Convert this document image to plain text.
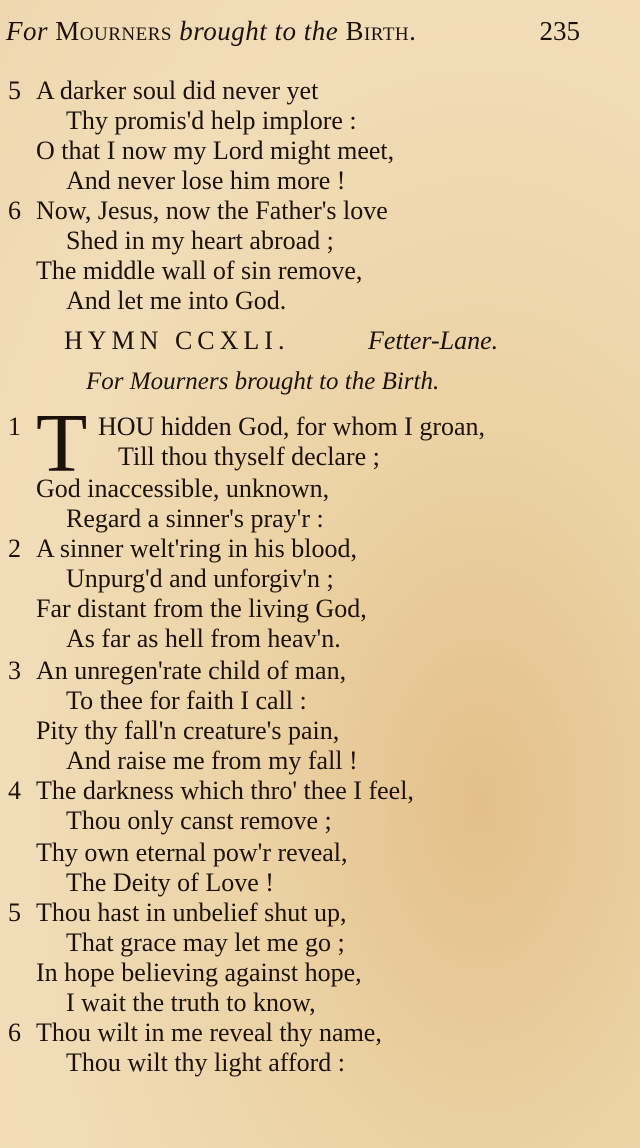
For Mourners brought to the Birth.	235
5 A darker soul did never yet
Thy promis'd help implore :
O that I now my Lord might meet,
And never lose him more !
6 Now, Jesus, now the Father's love
Shed in my heart abroad ;
The middle wall of sin remove,
And let me into God.
HYMN CCXLI.	Fetter-Lane.
For Mourners brought to the Birth.
1 T HOU hidden God, for whom I groan,
Till thou thyself declare ;
God inaccessible, unknown,
Regard a sinner's pray'r :
2 A sinner welt'ring in his blood,
Unpurg'd and unforgiv'n ;
Far distant from the living God,
As far as hell from heav'n.
3 An unregen'rate child of man,
To thee for faith I call :
Pity thy fall'n creature's pain,
And raise me from my fall !
4 The darkness which thro' thee I feel,
Thou only canst remove ;
Thy own eternal pow'r reveal,
The Deity of Love !
5 Thou hast in unbelief shut up,
That grace may let me go ;
In hope believing against hope,
I wait the truth to know,
6 Thou wilt in me reveal thy name,
Thou wilt thy light afford :
